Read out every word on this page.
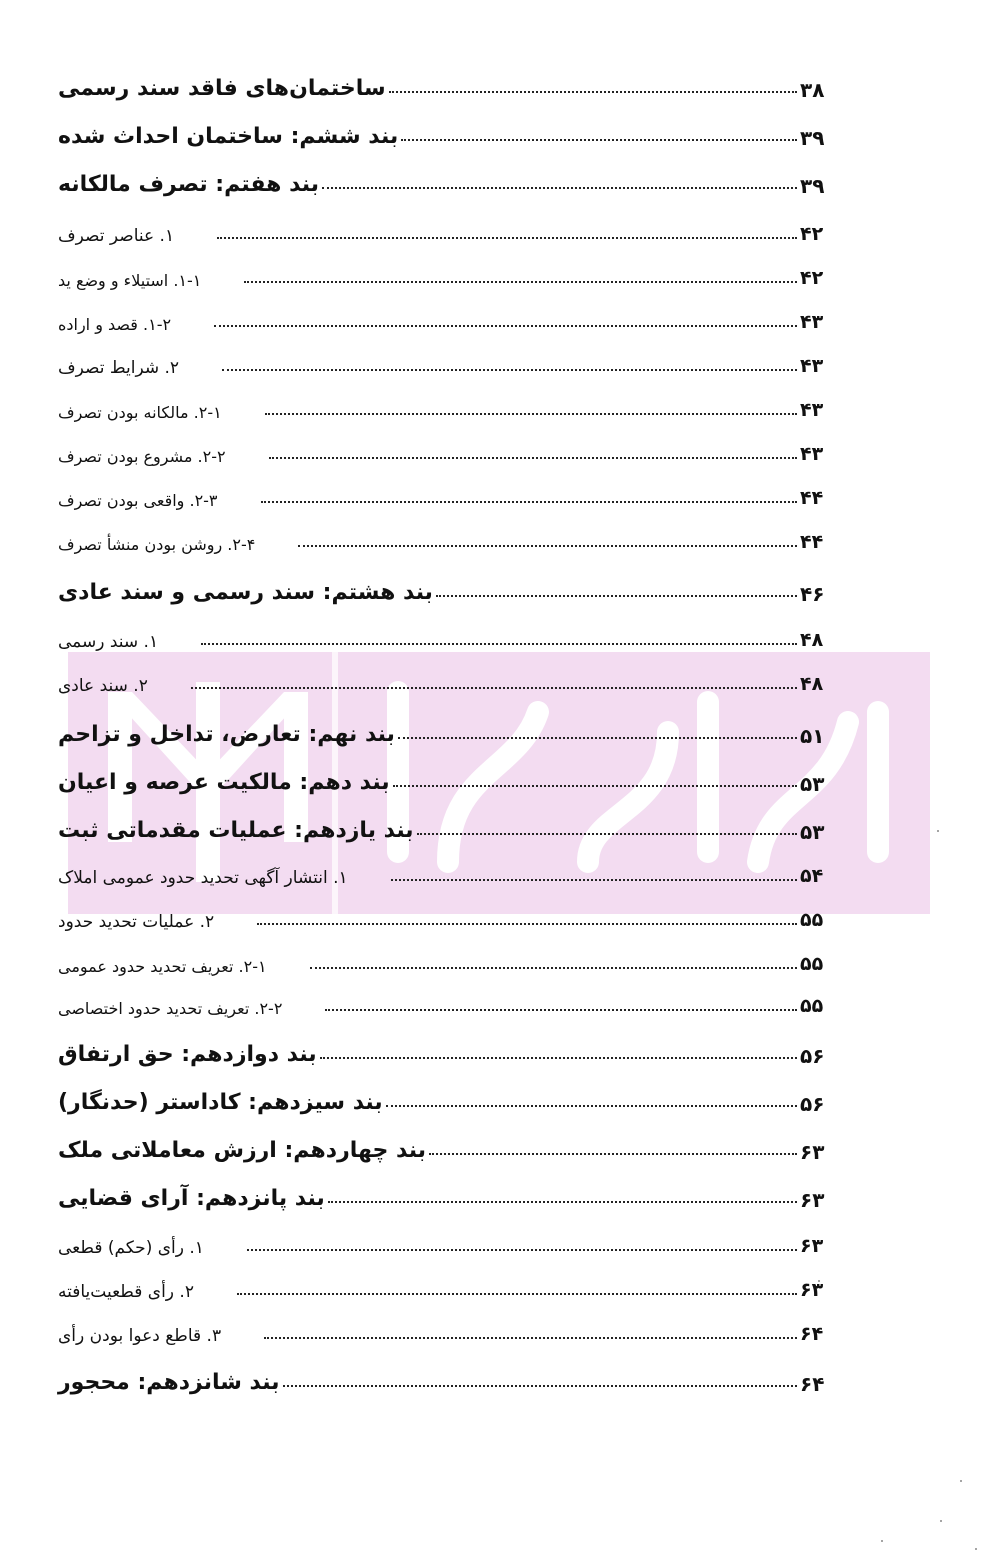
ساختمان‌های فاقد سند رسمی	۳۸
بند ششم: ساختمان احداث شده	۳۹
بند هفتم: تصرف مالکانه	۳۹
۱. عناصر تصرف	۴۲
۱-۱. استیلاء و وضع ید	۴۲
۱-۲. قصد و اراده	۴۳
۲. شرایط تصرف	۴۳
۲-۱. مالکانه بودن تصرف	۴۳
۲-۲. مشروع بودن تصرف	۴۳
۲-۳. واقعی بودن تصرف	۴۴
۲-۴. روشن بودن منشأ تصرف	۴۴
بند هشتم: سند رسمی و سند عادی	۴۶
۱. سند رسمی	۴۸
۲. سند عادی	۴۸
بند نهم: تعارض، تداخل و تزاحم	۵۱
بند دهم: مالکیت عرصه و اعیان	۵۳
بند یازدهم: عملیات مقدماتی ثبت	۵۳
۱. انتشار آگهی تحدید حدود عمومی املاک	۵۴
۲. عملیات تحدید حدود	۵۵
۲-۱. تعریف تحدید حدود عمومی	۵۵
۲-۲. تعریف تحدید حدود اختصاصی	۵۵
بند دوازدهم: حق ارتفاق	۵۶
بند سیزدهم: کاداستر (حدنگار)	۵۶
بند چهاردهم: ارزش معاملاتی ملک	۶۳
بند پانزدهم: آرای قضایی	۶۳
۱. رأی (حکم) قطعی	۶۳
۲. رأی قطعیت‌یافته	۶۳
۳. قاطع دعوا بودن رأی	۶۴
بند شانزدهم: محجور	۶۴
